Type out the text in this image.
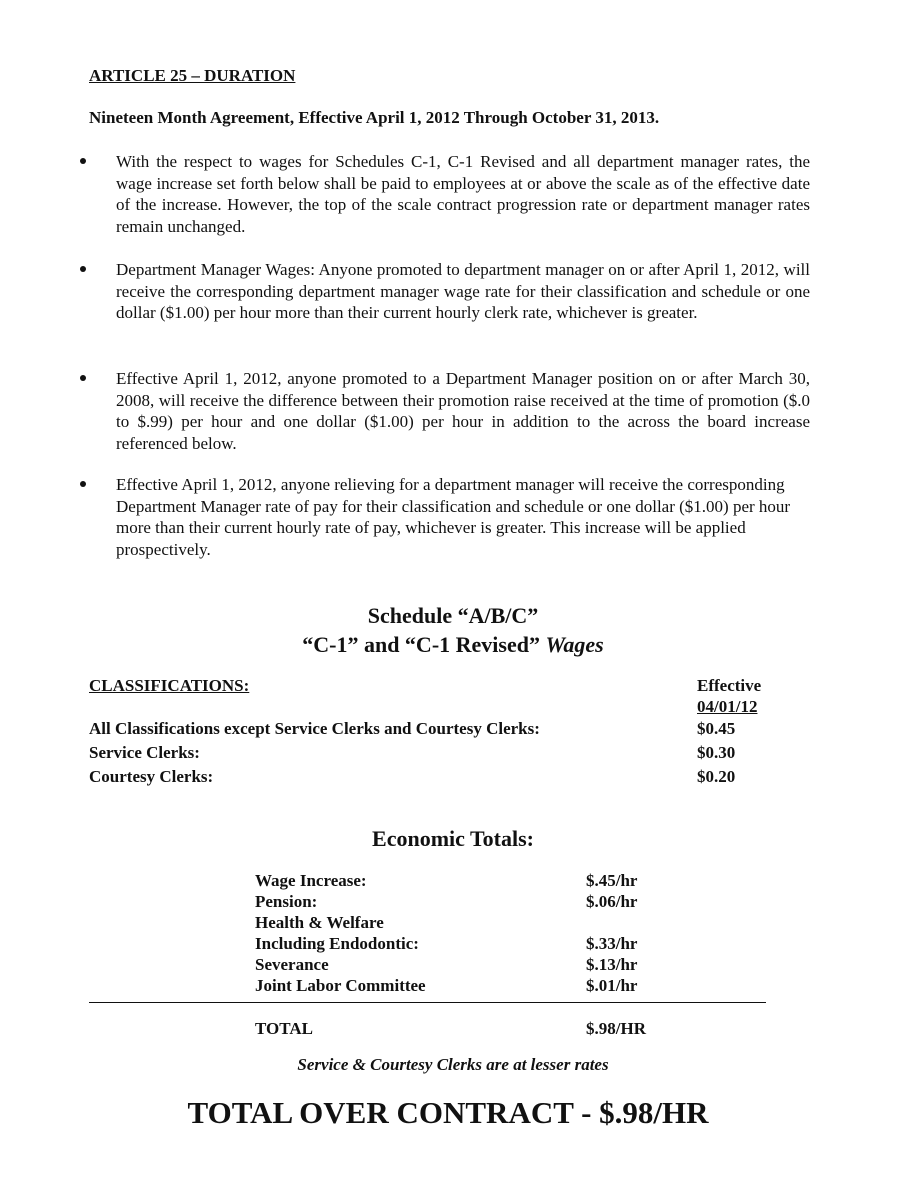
ARTICLE 25 – DURATION

Nineteen Month Agreement, Effective April 1, 2012 Through October 31, 2013.

With the respect to wages for Schedules C-1, C-1 Revised and all department manager rates, the wage increase set forth below shall be paid to employees at or above the scale as of the effective date of the increase. However, the top of the scale contract progression rate or department manager rates remain unchanged.

Department Manager Wages: Anyone promoted to department manager on or after April 1, 2012, will receive the corresponding department manager wage rate for their classification and schedule or one dollar ($1.00) per hour more than their current hourly clerk rate, whichever is greater.

Effective April 1, 2012, anyone promoted to a Department Manager position on or after March 30, 2008, will receive the difference between their promotion raise received at the time of promotion ($.0 to $.99) per hour and one dollar ($1.00) per hour in addition to the across the board increase referenced below.

Effective April 1, 2012, anyone relieving for a department manager will receive the corresponding Department Manager rate of pay for their classification and schedule or one dollar ($1.00) per hour more than their current hourly rate of pay, whichever is greater. This increase will be applied prospectively.

Schedule “A/B/C”
“C-1” and “C-1 Revised” Wages

CLASSIFICATIONS:	Effective

04/01/12

All Classifications except Service Clerks and Courtesy Clerks:	$0.45

Service Clerks:	$0.30

Courtesy Clerks:	$0.20

Economic Totals:
Wage Increase:	$.45/hr
Pension:	$.06/hr
Health & Welfare
Including Endodontic:	$.33/hr
Severance	$.13/hr
Joint Labor Committee	$.01/hr
TOTAL	$.98/HR

Service & Courtesy Clerks are at lesser rates

TOTAL OVER CONTRACT - $.98/HR
